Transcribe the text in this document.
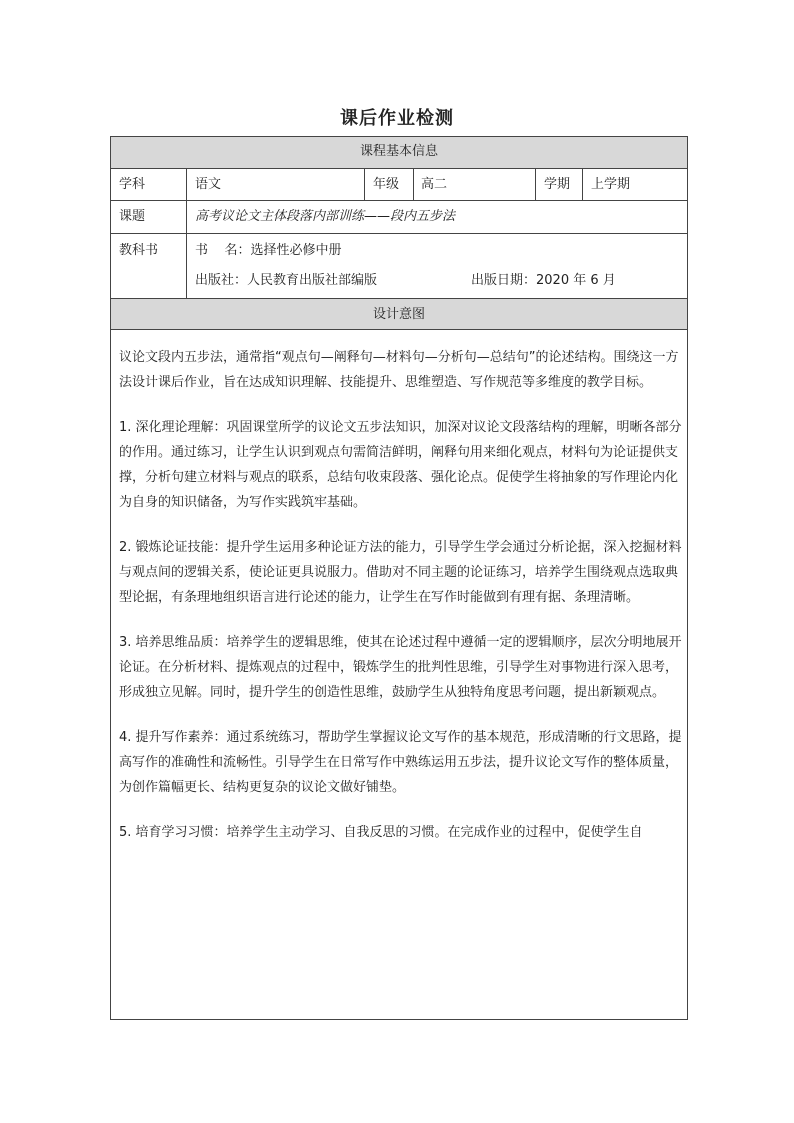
课后作业检测
课程基本信息
学科	语文	年级 高二	学期 上学期
课题	高考议论文主体段落内部训练——段内五步法
教科书	书    名：选择性必修中册
出版社：人民教育出版社部编版	出版日期：2020 年 6 月
设计意图

议论文段内五步法，通常指“观点句—阐释句—材料句—分析句—总结句”的论述结构。围绕这一方法设计课后作业，旨在达成知识理解、技能提升、思维塑造、写作规范等多维度的教学目标。

1. 深化理论理解：巩固课堂所学的议论文五步法知识，加深对议论文段落结构的理解，明晰各部分的作用。通过练习，让学生认识到观点句需简洁鲜明，阐释句用来细化观点，材料句为论证提供支撑，分析句建立材料与观点的联系，总结句收束段落、强化论点。促使学生将抽象的写作理论内化为自身的知识储备，为写作实践筑牢基础。

2. 锻炼论证技能：提升学生运用多种论证方法的能力，引导学生学会通过分析论据，深入挖掘材料与观点间的逻辑关系，使论证更具说服力。借助对不同主题的论证练习，培养学生围绕观点选取典型论据，有条理地组织语言进行论述的能力，让学生在写作时能做到有理有据、条理清晰。

3. 培养思维品质：培养学生的逻辑思维，使其在论述过程中遵循一定的逻辑顺序，层次分明地展开论证。在分析材料、提炼观点的过程中，锻炼学生的批判性思维，引导学生对事物进行深入思考，形成独立见解。同时，提升学生的创造性思维，鼓励学生从独特角度思考问题，提出新颖观点。

4. 提升写作素养：通过系统练习，帮助学生掌握议论文写作的基本规范，形成清晰的行文思路，提高写作的准确性和流畅性。引导学生在日常写作中熟练运用五步法，提升议论文写作的整体质量，为创作篇幅更长、结构更复杂的议论文做好铺垫。

5. 培育学习习惯：培养学生主动学习、自我反思的习惯。在完成作业的过程中，促使学生自
